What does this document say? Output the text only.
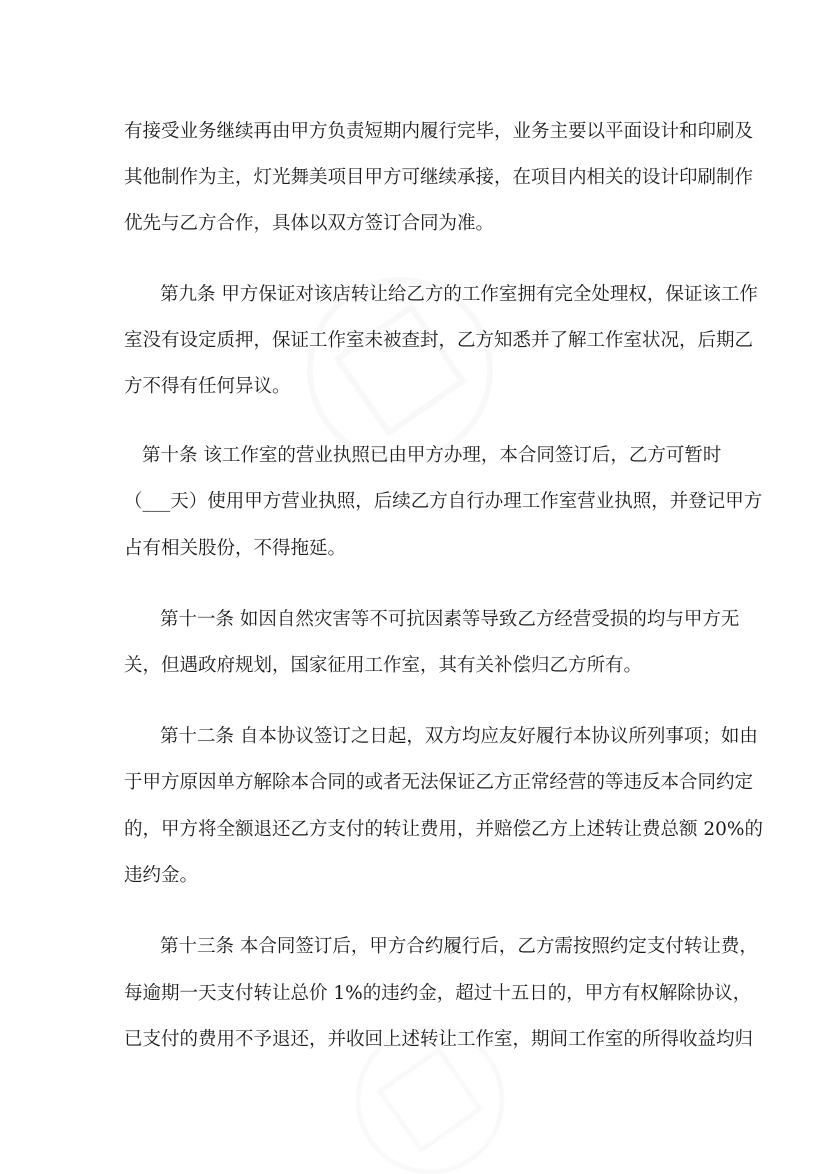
有接受业务继续再由甲方负责短期内履行完毕，业务主要以平面设计和印刷及
其他制作为主，灯光舞美项目甲方可继续承接，在项目内相关的设计印刷制作
优先与乙方合作，具体以双方签订合同为准。
第九条 甲方保证对该店转让给乙方的工作室拥有完全处理权，保证该工作
室没有设定质押，保证工作室未被查封，乙方知悉并了解工作室状况，后期乙
方不得有任何异议。
第十条 该工作室的营业执照已由甲方办理，本合同签订后，乙方可暂时
（___天）使用甲方营业执照，后续乙方自行办理工作室营业执照，并登记甲方
占有相关股份，不得拖延。
第十一条 如因自然灾害等不可抗因素等导致乙方经营受损的均与甲方无
关，但遇政府规划，国家征用工作室，其有关补偿归乙方所有。
第十二条 自本协议签订之日起，双方均应友好履行本协议所列事项；如由
于甲方原因单方解除本合同的或者无法保证乙方正常经营的等违反本合同约定
的，甲方将全额退还乙方支付的转让费用，并赔偿乙方上述转让费总额 20%的
违约金。
第十三条 本合同签订后，甲方合约履行后，乙方需按照约定支付转让费，
每逾期一天支付转让总价 1%的违约金，超过十五日的，甲方有权解除协议，
已支付的费用不予退还，并收回上述转让工作室，期间工作室的所得收益均归
